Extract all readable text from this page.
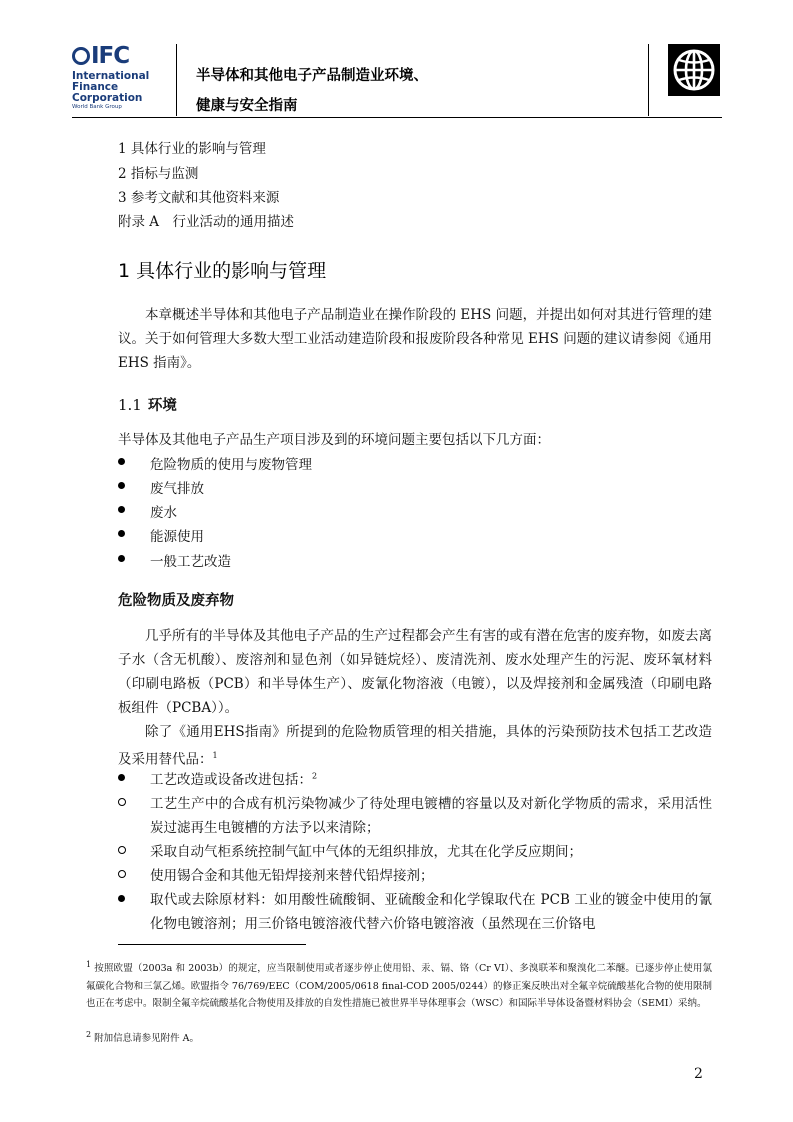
IFC
International
Finance
Corporation
World Bank Group
半导体和其他电子产品制造业环境、
健康与安全指南
1 具体行业的影响与管理
2 指标与监测
3 参考文献和其他资料来源
附录 A　行业活动的通用描述
1 具体行业的影响与管理
本章概述半导体和其他电子产品制造业在操作阶段的 EHS 问题，并提出如何对其进行管理的建议。关于如何管理大多数大型工业活动建造阶段和报废阶段各种常见 EHS 问题的建议请参阅《通用 EHS 指南》。
1.1 环境
半导体及其他电子产品生产项目涉及到的环境问题主要包括以下几方面：
危险物质的使用与废物管理
废气排放
废水
能源使用
一般工艺改造
危险物质及废弃物
几乎所有的半导体及其他电子产品的生产过程都会产生有害的或有潜在危害的废弃物，如废去离子水（含无机酸）、废溶剂和显色剂（如异链烷烃）、废清洗剂、废水处理产生的污泥、废环氧材料（印刷电路板（PCB）和半导体生产）、废氰化物溶液（电镀），以及焊接剂和金属残渣（印刷电路板组件（PCBA））。
除了《通用EHS指南》所提到的危险物质管理的相关措施，具体的污染预防技术包括工艺改造及采用替代品：$^1$
工艺改造或设备改进包括：$^2$
工艺生产中的合成有机污染物减少了待处理电镀槽的容量以及对新化学物质的需求，采用活性炭过滤再生电镀槽的方法予以来清除；
采取自动气柜系统控制气缸中气体的无组织排放，尤其在化学反应期间；
使用锡合金和其他无铅焊接剂来替代铅焊接剂；
取代或去除原材料：如用酸性硫酸铜、亚硫酸金和化学镍取代在 PCB 工业的镀金中使用的氰化物电镀溶剂；用三价铬电镀溶液代替六价铬电镀溶液（虽然现在三价铬电
$^1$ 按照欧盟（2003a 和 2003b）的规定，应当限制使用或者逐步停止使用铅、汞、镉、铬（Cr VI）、多溴联苯和聚溴化二苯醚。已逐步停止使用氯氟碳化合物和三氯乙烯。欧盟指令 76/769/EEC（COM/2005/0618 final-COD 2005/0244）的修正案反映出对全氟辛烷硫酸基化合物的使用限制也正在考虑中。限制全氟辛烷硫酸基化合物使用及排放的自发性措施已被世界半导体理事会（WSC）和国际半导体设备暨材料协会（SEMI）采纳。
$^2$ 附加信息请参见附件 A。
2
